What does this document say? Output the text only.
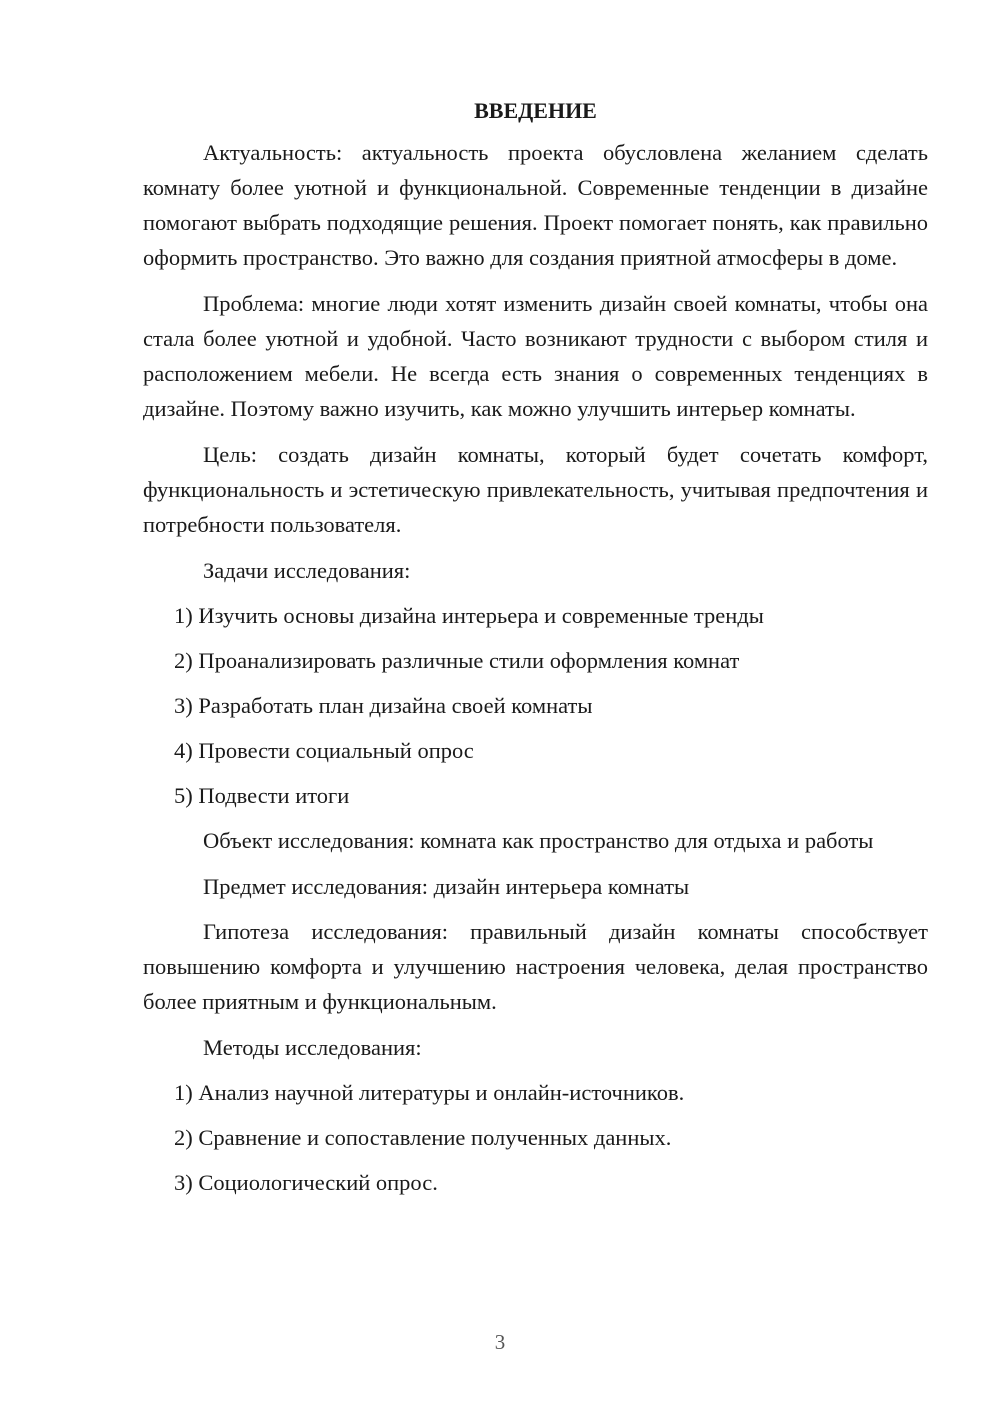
ВВЕДЕНИЕ

Актуальность: актуальность проекта обусловлена желанием сделать комнату более уютной и функциональной. Современные тенденции в дизайне помогают выбрать подходящие решения. Проект помогает понять, как правильно оформить пространство. Это важно для создания приятной атмосферы в доме.

Проблема: многие люди хотят изменить дизайн своей комнаты, чтобы она стала более уютной и удобной. Часто возникают трудности с выбором стиля и расположением мебели. Не всегда есть знания о современных тенденциях в дизайне. Поэтому важно изучить, как можно улучшить интерьер комнаты.

Цель: создать дизайн комнаты, который будет сочетать комфорт, функциональность и эстетическую привлекательность, учитывая предпочтения и потребности пользователя.

Задачи исследования:

1) Изучить основы дизайна интерьера и современные тренды
2) Проанализировать различные стили оформления комнат
3) Разработать план дизайна своей комнаты
4) Провести социальный опрос
5) Подвести итоги

Объект исследования: комната как пространство для отдыха и работы

Предмет исследования: дизайн интерьера комнаты

Гипотеза исследования: правильный дизайн комнаты способствует повышению комфорта и улучшению настроения человека, делая пространство более приятным и функциональным.

Методы исследования:

1) Анализ научной литературы и онлайн-источников.
2) Сравнение и сопоставление полученных данных.
3) Социологический опрос.
3
